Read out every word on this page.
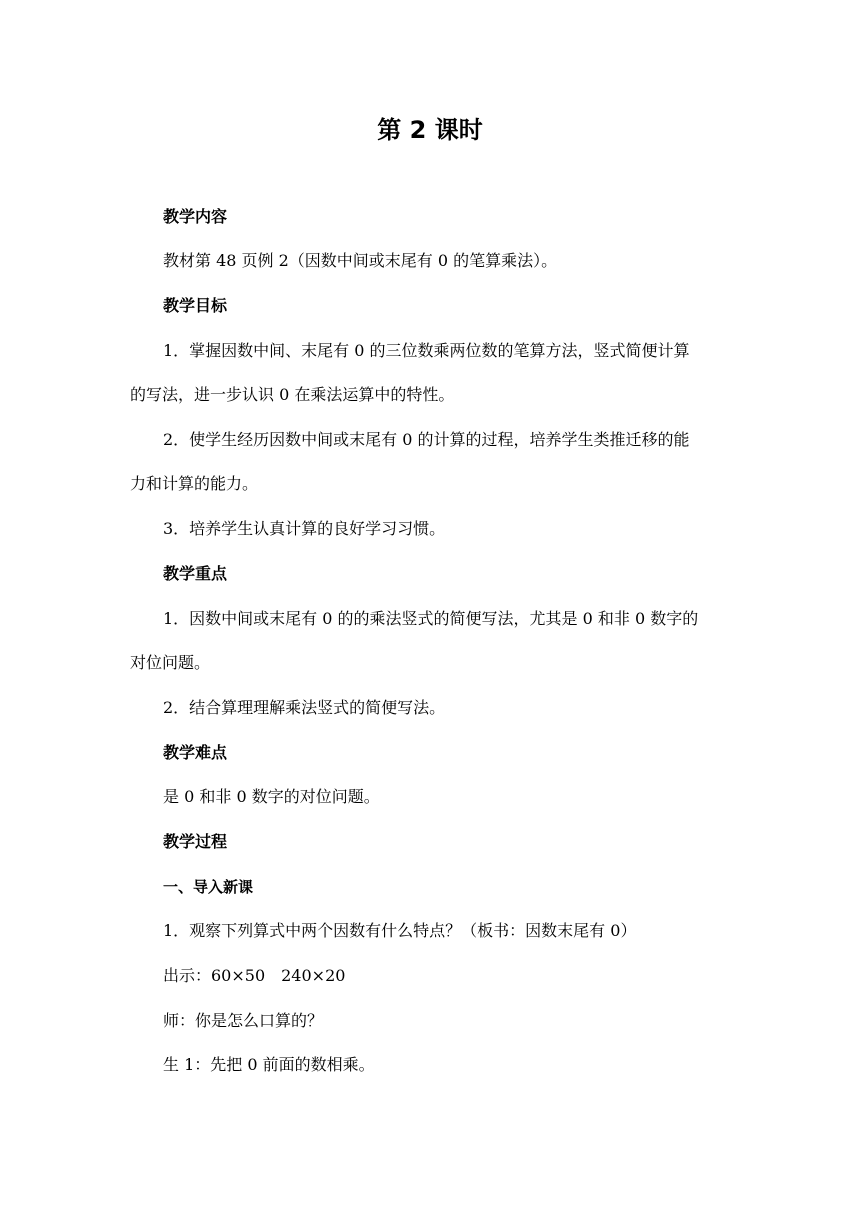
第 2 课时
教学内容
教材第 48 页例 2（因数中间或末尾有 0 的笔算乘法）。
教学目标
1．掌握因数中间、末尾有 0 的三位数乘两位数的笔算方法，竖式简便计算
的写法，进一步认识 0 在乘法运算中的特性。
2．使学生经历因数中间或末尾有 0 的计算的过程，培养学生类推迁移的能
力和计算的能力。
3．培养学生认真计算的良好学习习惯。
教学重点
1．因数中间或末尾有 0 的的乘法竖式的简便写法，尤其是 0 和非 0 数字的
对位问题。
2．结合算理理解乘法竖式的简便写法。
教学难点
是 0 和非 0 数字的对位问题。
教学过程
一、导入新课
1．观察下列算式中两个因数有什么特点？（板书：因数末尾有 0）
出示：60×50　240×20
师：你是怎么口算的？
生 1：先把 0 前面的数相乘。
